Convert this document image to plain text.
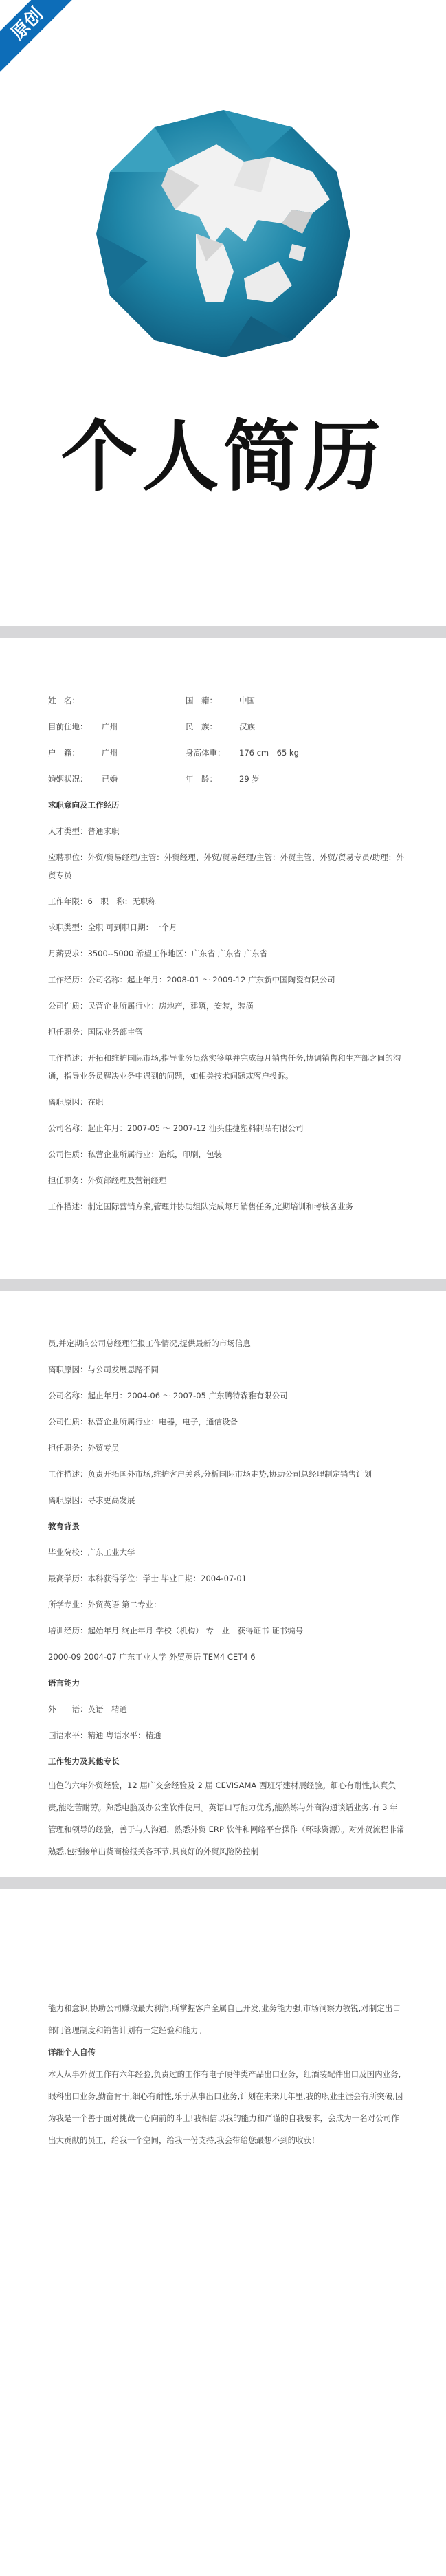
原创
个人简历
姓　名：	国　籍：	中国
目前住地： 广州	民　族：	汉族
户　籍：	广州	身高体重： 176 cm　65 kg
婚姻状况： 已婚	年　龄：	29 岁
求职意向及工作经历
人才类型：普通求职
应聘职位：外贸/贸易经理/主管：外贸经理、外贸/贸易经理/主管：外贸主管、外贸/贸易专员/助理：外贸专员
工作年限：6　职　称：无职称
求职类型：全职 可到职日期：一个月
月薪要求：3500--5000 希望工作地区：广东省 广东省 广东省
工作经历：公司名称：起止年月：2008-01 ～ 2009-12 广东新中国陶瓷有限公司
公司性质：民营企业所属行业：房地产，建筑，安装，装潢
担任职务：国际业务部主管
工作描述：开拓和维护国际市场,指导业务员落实签单并完成每月销售任务,协调销售和生产部之间的沟通，指导业务员解决业务中遇到的问题，如相关技术问题或客户投诉。
离职原因：在职
公司名称：起止年月：2007-05 ～ 2007-12 汕头佳捷塑料制品有限公司
公司性质：私营企业所属行业：造纸，印刷，包装
担任职务：外贸部经理及营销经理
工作描述：制定国际营销方案,管理并协助组队完成每月销售任务,定期培训和考核各业务
员,并定期向公司总经理汇报工作情况,提供最新的市场信息
离职原因：与公司发展思路不同
公司名称：起止年月：2004-06 ～ 2007-05 广东腾特森雅有限公司
公司性质：私营企业所属行业：电器，电子，通信设备
担任职务：外贸专员
工作描述：负责开拓国外市场,维护客户关系,分析国际市场走势,协助公司总经理制定销售计划
离职原因：寻求更高发展
教育背景
毕业院校：广东工业大学
最高学历：本科获得学位：学士 毕业日期：2004-07-01
所学专业：外贸英语 第二专业：
培训经历：起始年月 终止年月 学校（机构） 专　业　获得证书 证书编号
2000-09 2004-07 广东工业大学 外贸英语 TEM4 CET4 6
语言能力
外　　语：英语　精通
国语水平：精通 粤语水平：精通
工作能力及其他专长
出色的六年外贸经验，12 届广交会经验及 2 届 CEVISAMA 西班牙建材展经验。细心有耐性,认真负责,能吃苦耐劳。熟悉电脑及办公室软件使用。英语口写能力优秀,能熟练与外商沟通谈话业务.有 3 年管理和领导的经验，善于与人沟通，熟悉外贸 ERP 软件和网络平台操作（环球资源）。对外贸流程非常熟悉,包括接单出货商检报关各环节,具良好的外贸风险防控制
能力和意识,协助公司赚取最大利润,所掌握客户全属自己开发,业务能力强,市场洞察力敏锐,对制定出口部门管理制度和销售计划有一定经验和能力。
详细个人自传
本人从事外贸工作有六年经验,负责过的工作有电子硬件类产品出口业务，红酒装配件出口及国内业务,眼科出口业务,勤奋肯干,细心有耐性,乐于从事出口业务,计划在未来几年里,我的职业生涯会有所突破,因为我是一个善于面对挑战一心向前的斗士!我相信以我的能力和严谨的自我要求，会成为一名对公司作出大贡献的员工，给我一个空间，给我一份支持,我会带给您最想不到的收获！
